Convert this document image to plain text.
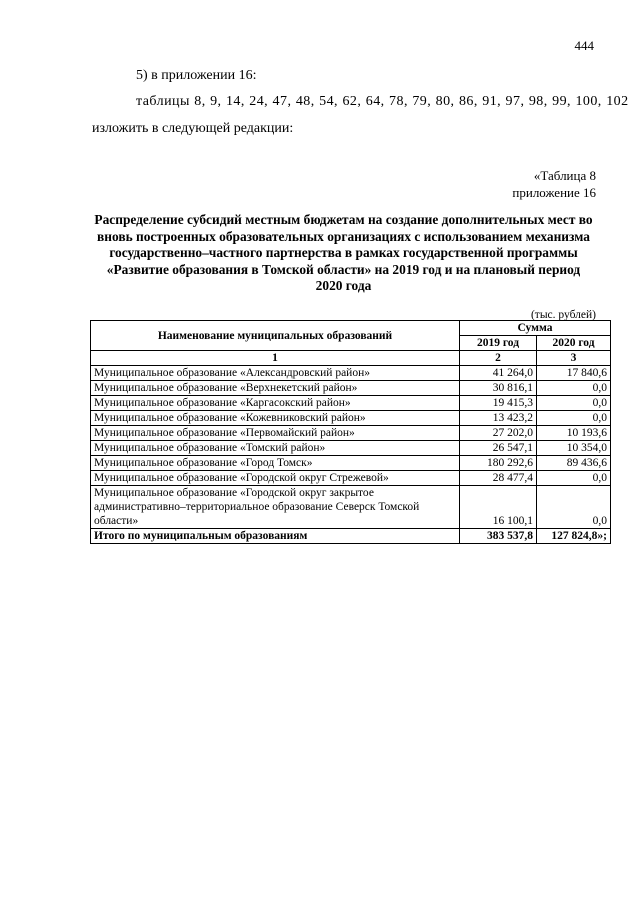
444
5) в приложении 16:
таблицы 8, 9, 14, 24, 47, 48, 54, 62, 64, 78, 79, 80, 86, 91, 97, 98, 99, 100, 102
изложить в следующей редакции:
«Таблица 8
приложение 16
Распределение субсидий местным бюджетам на создание дополнительных мест во вновь построенных образовательных организациях с использованием механизма государственно–частного партнерства в рамках государственной программы «Развитие образования в Томской области» на 2019 год и на плановый период 2020 года
(тыс. рублей)
Наименование муниципальных образований	Сумма	
	2019 год	2020 год
1	2	3
Муниципальное образование «Александровский район»	41 264,0	17 840,6
Муниципальное образование «Верхнекетский район»	30 816,1	0,0
Муниципальное образование «Каргасокский район»	19 415,3	0,0
Муниципальное образование «Кожевниковский район»	13 423,2	0,0
Муниципальное образование «Первомайский район»	27 202,0	10 193,6
Муниципальное образование «Томский район»	26 547,1	10 354,0
Муниципальное образование «Город Томск»	180 292,6	89 436,6
Муниципальное образование «Городской округ Стрежевой»	28 477,4	0,0
Муниципальное образование «Городской округ закрытое административно–территориальное образование Северск Томской области»	16 100,1	0,0
Итого по муниципальным образованиям	383 537,8	127 824,8»;
